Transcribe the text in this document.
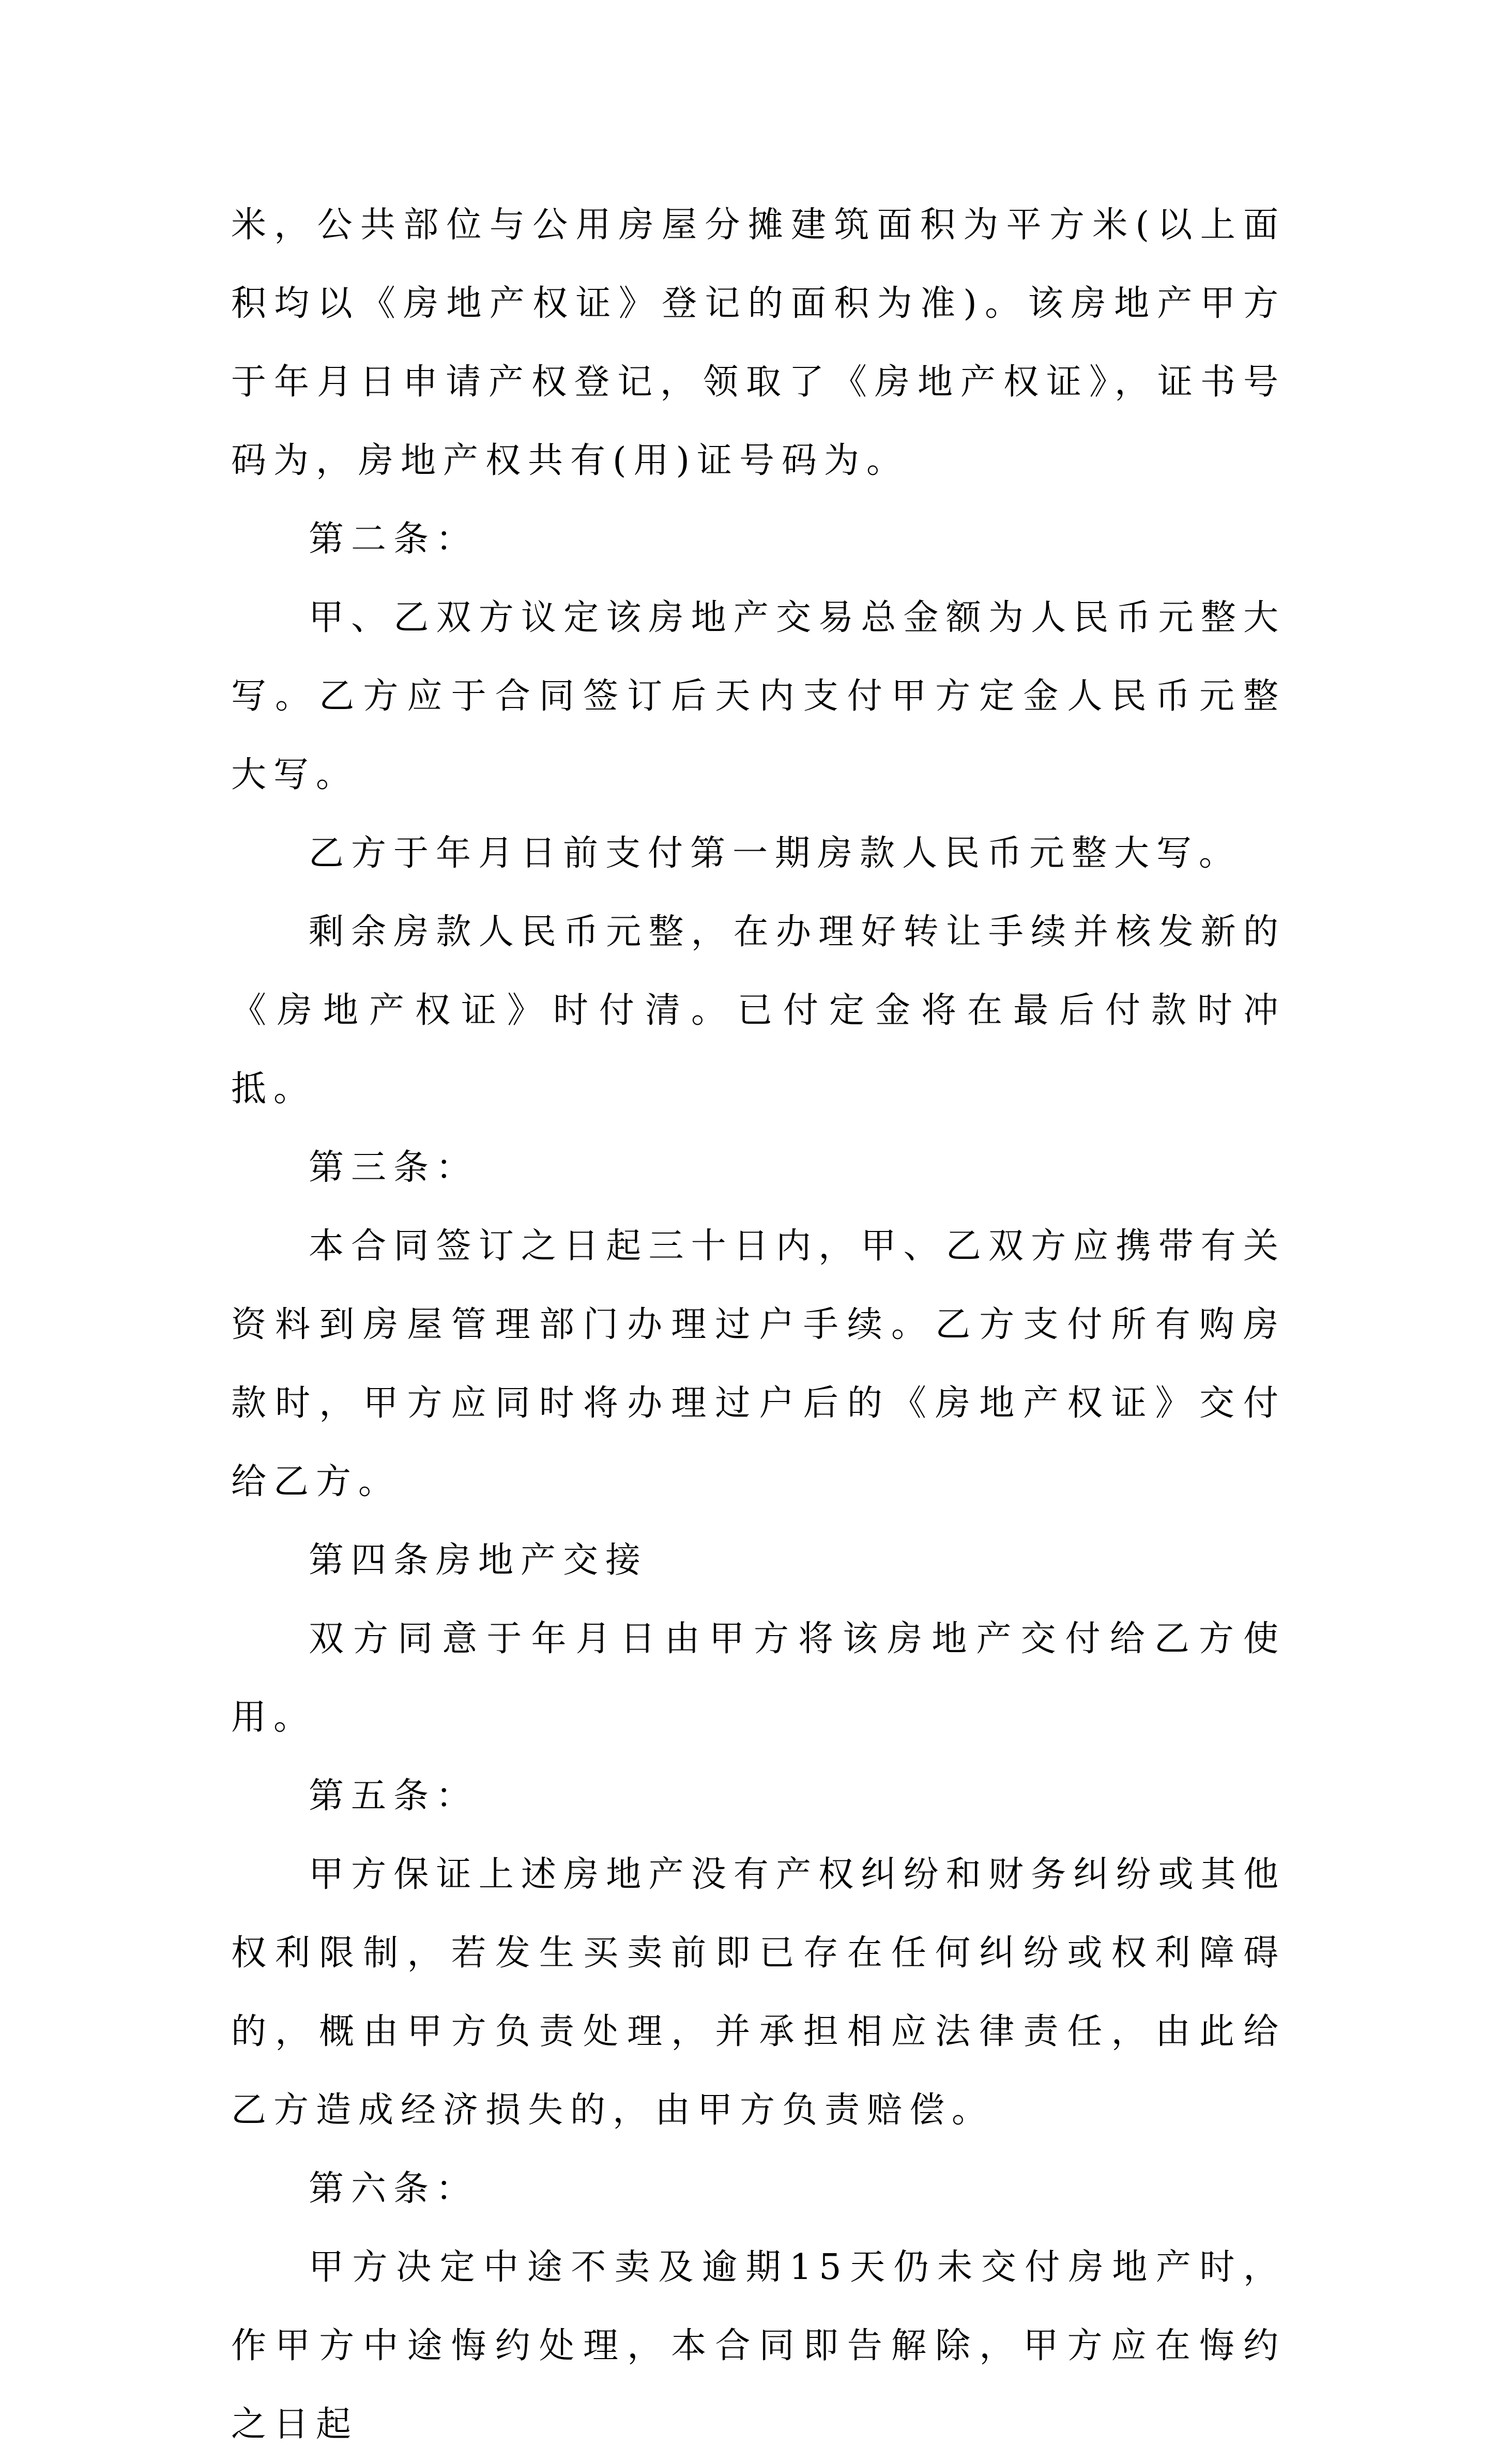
米，公共部位与公用房屋分摊建筑面积为平方米(以上面积均以《房地产权证》登记的面积为准)。该房地产甲方于年月日申请产权登记，领取了《房地产权证》，证书号码为，房地产权共有(用)证号码为。

第二条：

甲、乙双方议定该房地产交易总金额为人民币元整大写。乙方应于合同签订后天内支付甲方定金人民币元整大写。

乙方于年月日前支付第一期房款人民币元整大写。

剩余房款人民币元整，在办理好转让手续并核发新的《房地产权证》时付清。已付定金将在最后付款时冲抵。

第三条：

本合同签订之日起三十日内，甲、乙双方应携带有关资料到房屋管理部门办理过户手续。乙方支付所有购房款时，甲方应同时将办理过户后的《房地产权证》交付给乙方。

第四条房地产交接

双方同意于年月日由甲方将该房地产交付给乙方使用。

第五条：

甲方保证上述房地产没有产权纠纷和财务纠纷或其他权利限制，若发生买卖前即已存在任何纠纷或权利障碍的，概由甲方负责处理，并承担相应法律责任，由此给乙方造成经济损失的，由甲方负责赔偿。

第六条：

甲方决定中途不卖及逾期15天仍未交付房地产时，作甲方中途悔约处理，本合同即告解除，甲方应在悔约之日起
